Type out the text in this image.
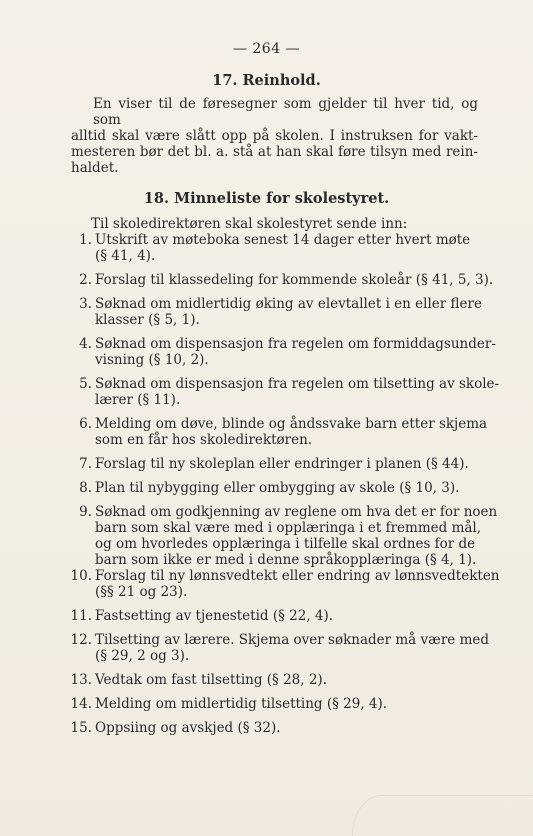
— 264 —
17. Reinhold.
En viser til de føresegner som gjelder til hver tid, og som
alltid skal være slått opp på skolen. I instruksen for vakt-
mesteren bør det bl. a. stå at han skal føre tilsyn med rein-
haldet.
18. Minneliste for skolestyret.
Til skoledirektøren skal skolestyret sende inn:
1. Utskrift av møteboka senest 14 dager etter hvert møte
(§ 41, 4).
2. Forslag til klassedeling for kommende skoleår (§ 41, 5, 3).
3. Søknad om midlertidig øking av elevtallet i en eller flere
klasser (§ 5, 1).
4. Søknad om dispensasjon fra regelen om formiddagsunder-
visning (§ 10, 2).
5. Søknad om dispensasjon fra regelen om tilsetting av skole-
lærer (§ 11).
6. Melding om døve, blinde og åndssvake barn etter skjema
som en får hos skoledirektøren.
7. Forslag til ny skoleplan eller endringer i planen (§ 44).
8. Plan til nybygging eller ombygging av skole (§ 10, 3).
9. Søknad om godkjenning av reglene om hva det er for noen
barn som skal være med i opplæringa i et fremmed mål,
og om hvorledes opplæringa i tilfelle skal ordnes for de
barn som ikke er med i denne språkopplæringa (§ 4, 1).
10. Forslag til ny lønnsvedtekt eller endring av lønnsvedtekten
(§§ 21 og 23).
11. Fastsetting av tjenestetid (§ 22, 4).
12. Tilsetting av lærere. Skjema over søknader må være med
(§ 29, 2 og 3).
13. Vedtak om fast tilsetting (§ 28, 2).
14. Melding om midlertidig tilsetting (§ 29, 4).
15. Oppsiing og avskjed (§ 32).
